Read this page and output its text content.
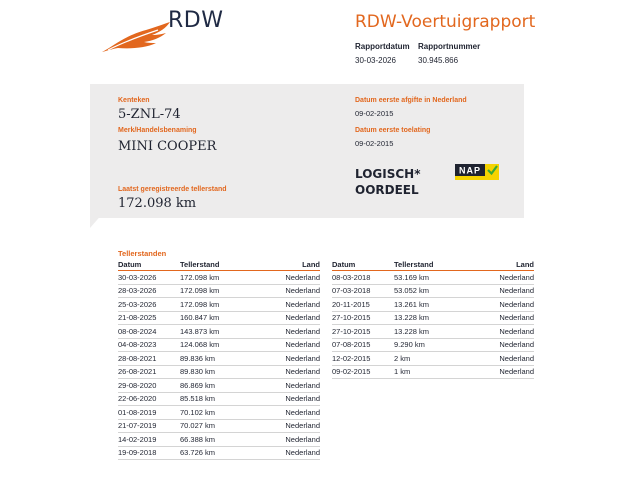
RDW	RDW-Voertuigrapport
Rapportdatum
30-03-2026
Rapportnummer
30.945.866
Kenteken
5-ZNL-74
Merk/Handelsbenaming
MINI COOPER
Laatst geregistreerde tellerstand
172.098 km
Datum eerste afgifte in Nederland
09-02-2015
Datum eerste toelating
09-02-2015
LOGISCH*
OORDEEL
NAP
Tellerstanden
Datum	Tellerstand	Land
30-03-2026	172.098 km	Nederland
28-03-2026	172.098 km	Nederland
25-03-2026	172.098 km	Nederland
21-08-2025	160.847 km	Nederland
08-08-2024	143.873 km	Nederland
04-08-2023	124.068 km	Nederland
28-08-2021	89.836 km	Nederland
26-08-2021	89.830 km	Nederland
29-08-2020	86.869 km	Nederland
22-06-2020	85.518 km	Nederland
01-08-2019	70.102 km	Nederland
21-07-2019	70.027 km	Nederland
14-02-2019	66.388 km	Nederland
19-09-2018	63.726 km	Nederland
Datum	Tellerstand	Land
08-03-2018	53.169 km	Nederland
07-03-2018	53.052 km	Nederland
20-11-2015	13.261 km	Nederland
27-10-2015	13.228 km	Nederland
27-10-2015	13.228 km	Nederland
07-08-2015	9.290 km	Nederland
12-02-2015	2 km	Nederland
09-02-2015	1 km	Nederland
